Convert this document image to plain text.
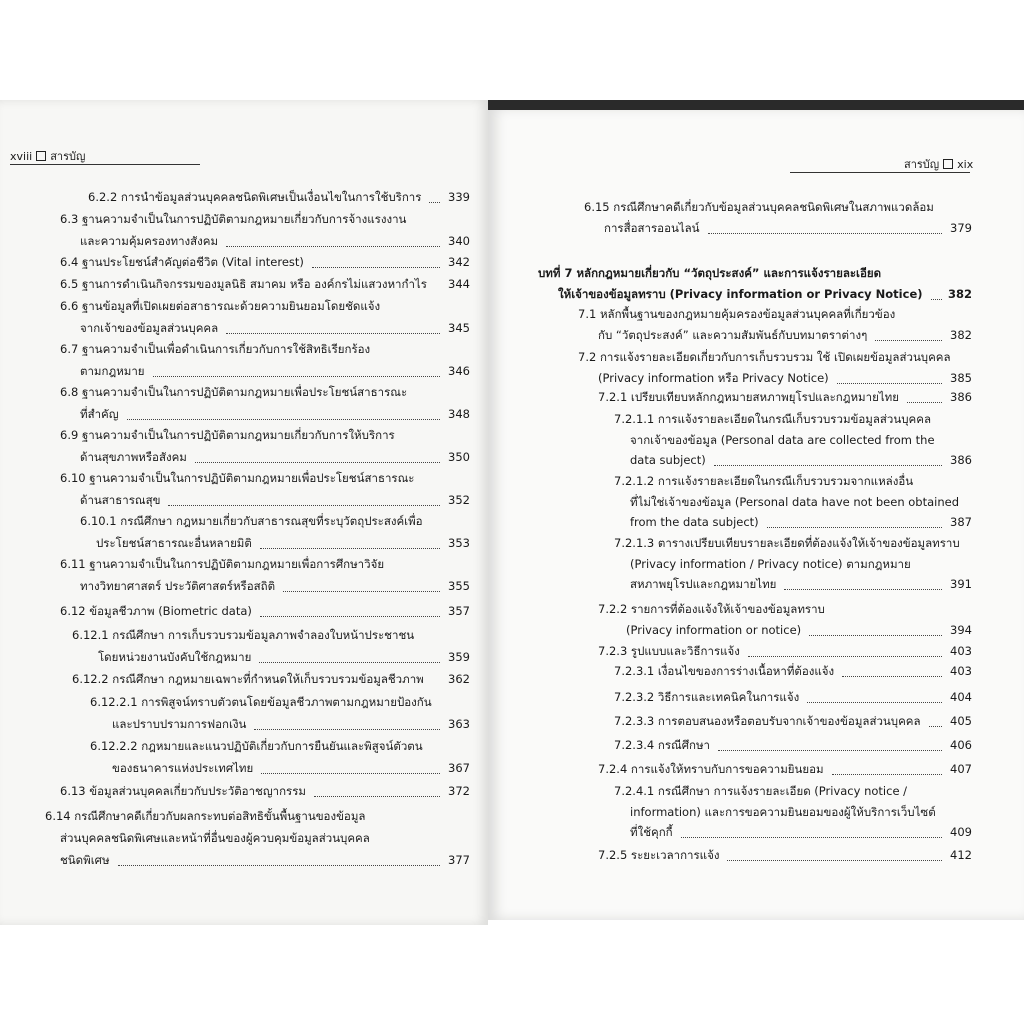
xviii สารบัญ
สารบัญ xix
6.2.2 การนำข้อมูลส่วนบุคคลชนิดพิเศษเป็นเงื่อนไขในการใช้บริการ	339
6.3 ฐานความจำเป็นในการปฏิบัติตามกฎหมายเกี่ยวกับการจ้างแรงงาน
และความคุ้มครองทางสังคม	340
6.4 ฐานประโยชน์สำคัญต่อชีวิต (Vital interest)	342
6.5 ฐานการดำเนินกิจกรรมของมูลนิธิ สมาคม หรือ องค์กรไม่แสวงหากำไร	344
6.6 ฐานข้อมูลที่เปิดเผยต่อสาธารณะด้วยความยินยอมโดยชัดแจ้ง
จากเจ้าของข้อมูลส่วนบุคคล	345
6.7 ฐานความจำเป็นเพื่อดำเนินการเกี่ยวกับการใช้สิทธิเรียกร้อง
ตามกฎหมาย	346
6.8 ฐานความจำเป็นในการปฏิบัติตามกฎหมายเพื่อประโยชน์สาธารณะ
ที่สำคัญ	348
6.9 ฐานความจำเป็นในการปฏิบัติตามกฎหมายเกี่ยวกับการให้บริการ
ด้านสุขภาพหรือสังคม	350
6.10 ฐานความจำเป็นในการปฏิบัติตามกฎหมายเพื่อประโยชน์สาธารณะ
ด้านสาธารณสุข	352
6.10.1 กรณีศึกษา กฎหมายเกี่ยวกับสาธารณสุขที่ระบุวัตถุประสงค์เพื่อ
ประโยชน์สาธารณะอื่นหลายมิติ	353
6.11 ฐานความจำเป็นในการปฏิบัติตามกฎหมายเพื่อการศึกษาวิจัย
ทางวิทยาศาสตร์ ประวัติศาสตร์หรือสถิติ	355
6.12 ข้อมูลชีวภาพ (Biometric data)	357
6.12.1 กรณีศึกษา การเก็บรวบรวมข้อมูลภาพจำลองใบหน้าประชาชน
โดยหน่วยงานบังคับใช้กฎหมาย	359
6.12.2 กรณีศึกษา กฎหมายเฉพาะที่กำหนดให้เก็บรวบรวมข้อมูลชีวภาพ	362
6.12.2.1 การพิสูจน์ทราบตัวตนโดยข้อมูลชีวภาพตามกฎหมายป้องกัน
และปราบปรามการฟอกเงิน	363
6.12.2.2 กฎหมายและแนวปฏิบัติเกี่ยวกับการยืนยันและพิสูจน์ตัวตน
ของธนาคารแห่งประเทศไทย	367
6.13 ข้อมูลส่วนบุคคลเกี่ยวกับประวัติอาชญากรรม	372
6.14 กรณีศึกษาคดีเกี่ยวกับผลกระทบต่อสิทธิขั้นพื้นฐานของข้อมูล
ส่วนบุคคลชนิดพิเศษและหน้าที่อื่นของผู้ควบคุมข้อมูลส่วนบุคคล
ชนิดพิเศษ	377
6.15 กรณีศึกษาคดีเกี่ยวกับข้อมูลส่วนบุคคลชนิดพิเศษในสภาพแวดล้อม
การสื่อสารออนไลน์	379
บทที่ 7 หลักกฎหมายเกี่ยวกับ “วัตถุประสงค์” และการแจ้งรายละเอียด
ให้เจ้าของข้อมูลทราบ (Privacy information or Privacy Notice)	382
7.1 หลักพื้นฐานของกฎหมายคุ้มครองข้อมูลส่วนบุคคลที่เกี่ยวข้อง
กับ “วัตถุประสงค์” และความสัมพันธ์กับบทมาตราต่างๆ	382
7.2 การแจ้งรายละเอียดเกี่ยวกับการเก็บรวบรวม ใช้ เปิดเผยข้อมูลส่วนบุคคล
(Privacy information หรือ Privacy Notice)	385
7.2.1 เปรียบเทียบหลักกฎหมายสหภาพยุโรปและกฎหมายไทย	386
7.2.1.1 การแจ้งรายละเอียดในกรณีเก็บรวบรวมข้อมูลส่วนบุคคล
จากเจ้าของข้อมูล (Personal data are collected from the
data subject)	386
7.2.1.2 การแจ้งรายละเอียดในกรณีเก็บรวบรวมจากแหล่งอื่น
ที่ไม่ใช่เจ้าของข้อมูล (Personal data have not been obtained
from the data subject)	387
7.2.1.3 ตารางเปรียบเทียบรายละเอียดที่ต้องแจ้งให้เจ้าของข้อมูลทราบ
(Privacy information / Privacy notice) ตามกฎหมาย
สหภาพยุโรปและกฎหมายไทย	391
7.2.2 รายการที่ต้องแจ้งให้เจ้าของข้อมูลทราบ
(Privacy information or notice)	394
7.2.3 รูปแบบและวิธีการแจ้ง	403
7.2.3.1 เงื่อนไขของการร่างเนื้อหาที่ต้องแจ้ง	403
7.2.3.2 วิธีการและเทคนิคในการแจ้ง	404
7.2.3.3 การตอบสนองหรือตอบรับจากเจ้าของข้อมูลส่วนบุคคล	405
7.2.3.4 กรณีศึกษา	406
7.2.4 การแจ้งให้ทราบกับการขอความยินยอม	407
7.2.4.1 กรณีศึกษา การแจ้งรายละเอียด (Privacy notice /
information) และการขอความยินยอมของผู้ให้บริการเว็บไซต์
ที่ใช้คุกกี้	409
7.2.5 ระยะเวลาการแจ้ง	412
